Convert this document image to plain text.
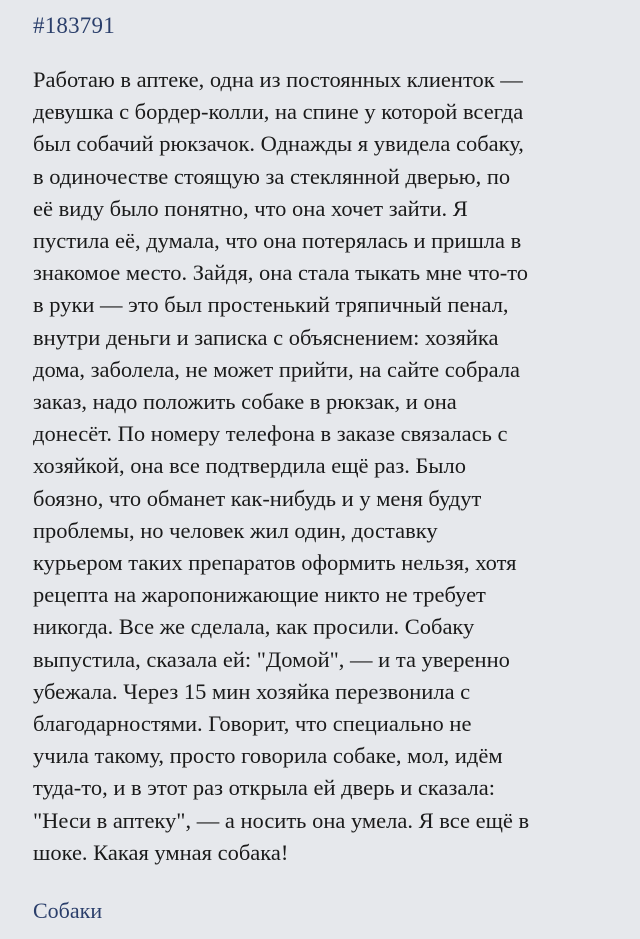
#183791
Работаю в аптеке, одна из постоянных клиенток —
девушка с бордер-колли, на спине у которой всегда
был собачий рюкзачок. Однажды я увидела собаку,
в одиночестве стоящую за стеклянной дверью, по
её виду было понятно, что она хочет зайти. Я
пустила её, думала, что она потерялась и пришла в
знакомое место. Зайдя, она стала тыкать мне что-то
в руки — это был простенький тряпичный пенал,
внутри деньги и записка с объяснением: хозяйка
дома, заболела, не может прийти, на сайте собрала
заказ, надо положить собаке в рюкзак, и она
донесёт. По номеру телефона в заказе связалась с
хозяйкой, она все подтвердила ещё раз. Было
боязно, что обманет как-нибудь и у меня будут
проблемы, но человек жил один, доставку
курьером таких препаратов оформить нельзя, хотя
рецепта на жаропонижающие никто не требует
никогда. Все же сделала, как просили. Собаку
выпустила, сказала ей: "Домой", — и та уверенно
убежала. Через 15 мин хозяйка перезвонила с
благодарностями. Говорит, что специально не
учила такому, просто говорила собаке, мол, идём
туда-то, и в этот раз открыла ей дверь и сказала:
"Неси в аптеку", — а носить она умела. Я все ещё в
шоке. Какая умная собака!
Собаки
